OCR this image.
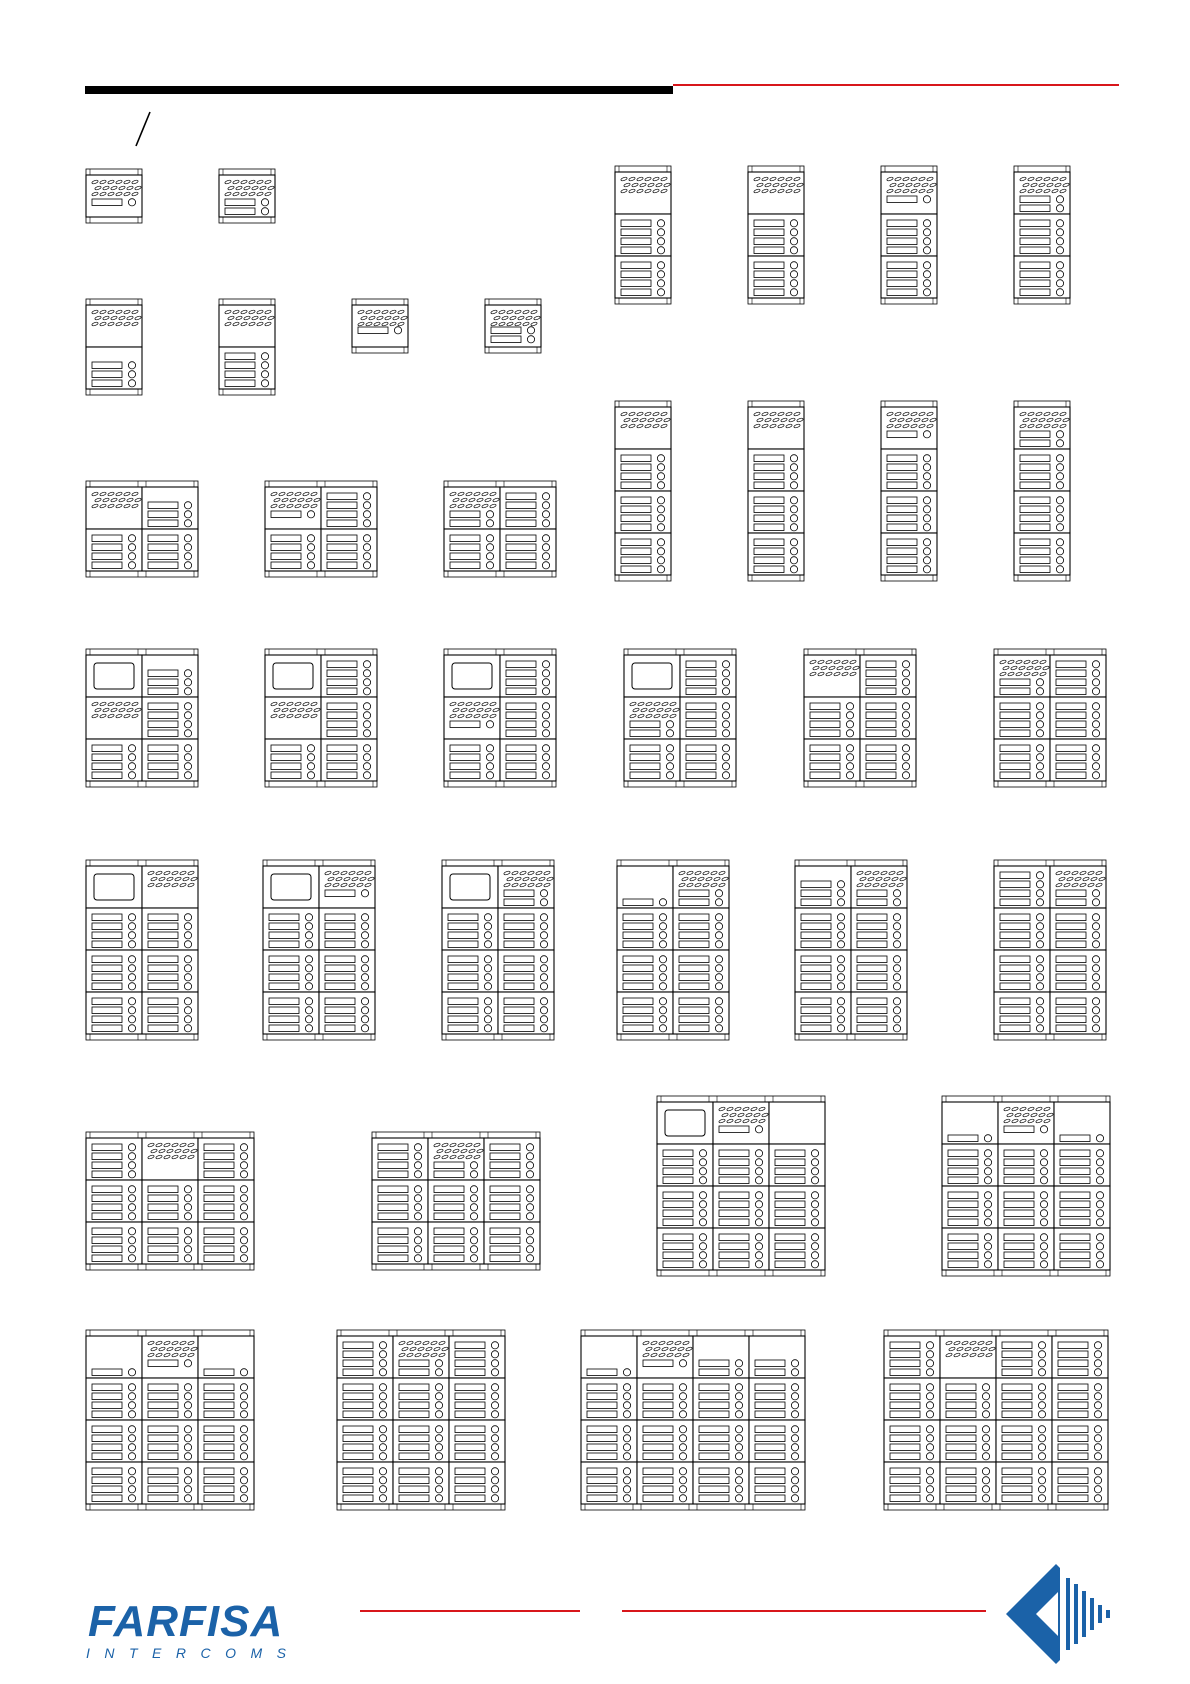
FARFISA
INTERCOMS
